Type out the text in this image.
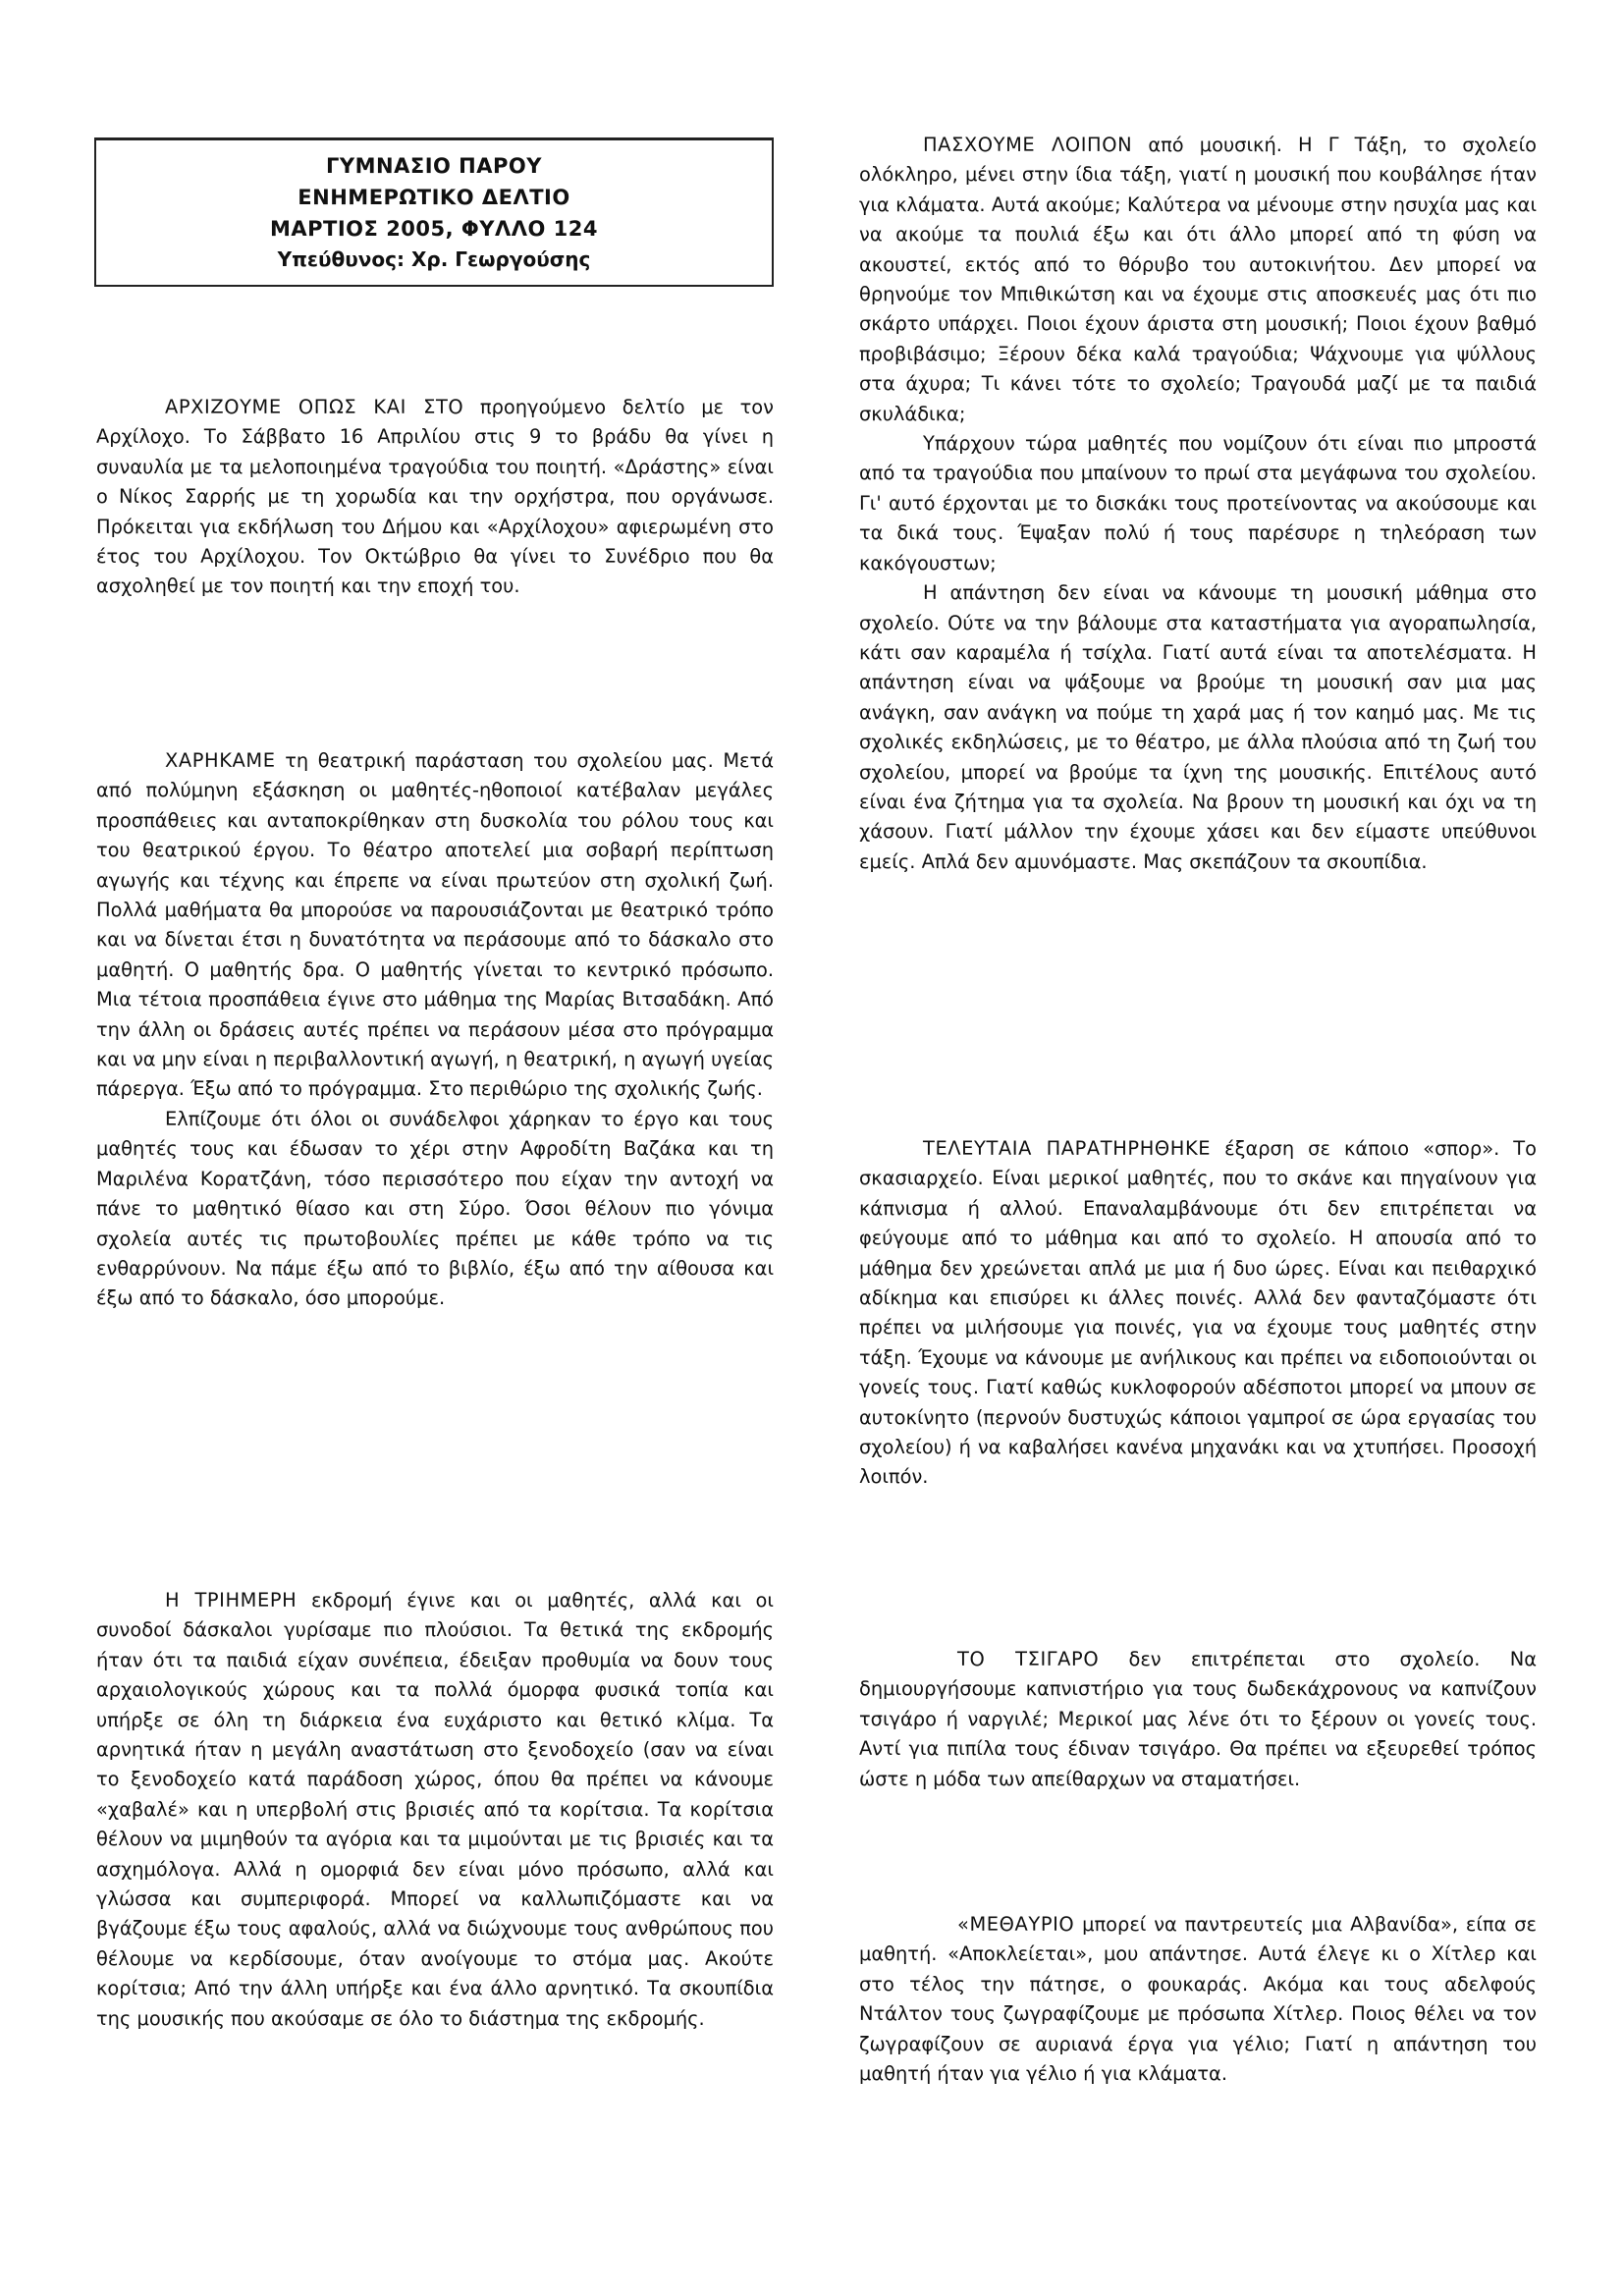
ΓΥΜΝΑΣΙΟ ΠΑΡΟΥ
ΕΝΗΜΕΡΩΤΙΚΟ ΔΕΛΤΙΟ
ΜΑΡΤΙΟΣ 2005, ΦΥΛΛΟ 124
Υπεύθυνος: Χρ. Γεωργούσης

ΑΡΧΙΖΟΥΜΕ ΟΠΩΣ ΚΑΙ ΣΤΟ προηγούμενο δελτίο με τον Αρχίλοχο. Το Σάββατο 16 Απριλίου στις 9 το βράδυ θα γίνει η συναυλία με τα μελοποιημένα τραγούδια του ποιητή. «Δράστης» είναι ο Νίκος Σαρρής με τη χορωδία και την ορχήστρα, που οργάνωσε. Πρόκειται για εκδήλωση του Δήμου και «Αρχίλοχου» αφιερωμένη στο έτος του Αρχίλοχου. Τον Οκτώβριο θα γίνει το Συνέδριο που θα ασχοληθεί με τον ποιητή και την εποχή του.

ΧΑΡΗΚΑΜΕ τη θεατρική παράσταση του σχολείου μας. Μετά από πολύμηνη εξάσκηση οι μαθητές-ηθοποιοί κατέβαλαν μεγάλες προσπάθειες και ανταποκρίθηκαν στη δυσκολία του ρόλου τους και του θεατρικού έργου. Το θέατρο αποτελεί μια σοβαρή περίπτωση αγωγής και τέχνης και έπρεπε να είναι πρωτεύον στη σχολική ζωή. Πολλά μαθήματα θα μπορούσε να παρουσιάζονται με θεατρικό τρόπο και να δίνεται έτσι η δυνατότητα να περάσουμε από το δάσκαλο στο μαθητή. Ο μαθητής δρα. Ο μαθητής γίνεται το κεντρικό πρόσωπο. Μια τέτοια προσπάθεια έγινε στο μάθημα της Μαρίας Βιτσαδάκη. Από την άλλη οι δράσεις αυτές πρέπει να περάσουν μέσα στο πρόγραμμα και να μην είναι η περιβαλλοντική αγωγή, η θεατρική, η αγωγή υγείας πάρεργα. Έξω από το πρόγραμμα. Στο περιθώριο της σχολικής ζωής.

Ελπίζουμε ότι όλοι οι συνάδελφοι χάρηκαν το έργο και τους μαθητές τους και έδωσαν το χέρι στην Αφροδίτη Βαζάκα και τη Μαριλένα Κορατζάνη, τόσο περισσότερο που είχαν την αντοχή να πάνε το μαθητικό θίασο και στη Σύρο. Όσοι θέλουν πιο γόνιμα σχολεία αυτές τις πρωτοβουλίες πρέπει με κάθε τρόπο να τις ενθαρρύνουν. Να πάμε έξω από το βιβλίο, έξω από την αίθουσα και έξω από το δάσκαλο, όσο μπορούμε.

Η ΤΡΙΗΜΕΡΗ εκδρομή έγινε και οι μαθητές, αλλά και οι συνοδοί δάσκαλοι γυρίσαμε πιο πλούσιοι. Τα θετικά της εκδρομής ήταν ότι τα παιδιά είχαν συνέπεια, έδειξαν προθυμία να δουν τους αρχαιολογικούς χώρους και τα πολλά όμορφα φυσικά τοπία και υπήρξε σε όλη τη διάρκεια ένα ευχάριστο και θετικό κλίμα. Τα αρνητικά ήταν η μεγάλη αναστάτωση στο ξενοδοχείο (σαν να είναι το ξενοδοχείο κατά παράδοση χώρος, όπου θα πρέπει να κάνουμε «χαβαλέ» και η υπερβολή στις βρισιές από τα κορίτσια. Τα κορίτσια θέλουν να μιμηθούν τα αγόρια και τα μιμούνται με τις βρισιές και τα ασχημόλογα. Αλλά η ομορφιά δεν είναι μόνο πρόσωπο, αλλά και γλώσσα και συμπεριφορά. Μπορεί να καλλωπιζόμαστε και να βγάζουμε έξω τους αφαλούς, αλλά να διώχνουμε τους ανθρώπους που θέλουμε να κερδίσουμε, όταν ανοίγουμε το στόμα μας. Ακούτε κορίτσια; Από την άλλη υπήρξε και ένα άλλο αρνητικό. Τα σκουπίδια της μουσικής που ακούσαμε σε όλο το διάστημα της εκδρομής.

ΠΑΣΧΟΥΜΕ ΛΟΙΠΟΝ από μουσική. Η Γ Τάξη, το σχολείο ολόκληρο, μένει στην ίδια τάξη, γιατί η μουσική που κουβάλησε ήταν για κλάματα. Αυτά ακούμε; Καλύτερα να μένουμε στην ησυχία μας και να ακούμε τα πουλιά έξω και ότι άλλο μπορεί από τη φύση να ακουστεί, εκτός από το θόρυβο του αυτοκινήτου. Δεν μπορεί να θρηνούμε τον Μπιθικώτση και να έχουμε στις αποσκευές μας ότι πιο σκάρτο υπάρχει. Ποιοι έχουν άριστα στη μουσική; Ποιοι έχουν βαθμό προβιβάσιμο; Ξέρουν δέκα καλά τραγούδια; Ψάχνουμε για ψύλλους στα άχυρα; Τι κάνει τότε το σχολείο; Τραγουδά μαζί με τα παιδιά σκυλάδικα;

Υπάρχουν τώρα μαθητές που νομίζουν ότι είναι πιο μπροστά από τα τραγούδια που μπαίνουν το πρωί στα μεγάφωνα του σχολείου. Γι' αυτό έρχονται με το δισκάκι τους προτείνοντας να ακούσουμε και τα δικά τους. Έψαξαν πολύ ή τους παρέσυρε η τηλεόραση των κακόγουστων;

Η απάντηση δεν είναι να κάνουμε τη μουσική μάθημα στο σχολείο. Ούτε να την βάλουμε στα καταστήματα για αγοραπωλησία, κάτι σαν καραμέλα ή τσίχλα. Γιατί αυτά είναι τα αποτελέσματα. Η απάντηση είναι να ψάξουμε να βρούμε τη μουσική σαν μια μας ανάγκη, σαν ανάγκη να πούμε τη χαρά μας ή τον καημό μας. Με τις σχολικές εκδηλώσεις, με το θέατρο, με άλλα πλούσια από τη ζωή του σχολείου, μπορεί να βρούμε τα ίχνη της μουσικής. Επιτέλους αυτό είναι ένα ζήτημα για τα σχολεία. Να βρουν τη μουσική και όχι να τη χάσουν. Γιατί μάλλον την έχουμε χάσει και δεν είμαστε υπεύθυνοι εμείς. Απλά δεν αμυνόμαστε. Μας σκεπάζουν τα σκουπίδια.

ΤΕΛΕΥΤΑΙΑ ΠΑΡΑΤΗΡΗΘΗΚΕ έξαρση σε κάποιο «σπορ». Το σκασιαρχείο. Είναι μερικοί μαθητές, που το σκάνε και πηγαίνουν για κάπνισμα ή αλλού. Επαναλαμβάνουμε ότι δεν επιτρέπεται να φεύγουμε από το μάθημα και από το σχολείο. Η απουσία από το μάθημα δεν χρεώνεται απλά με μια ή δυο ώρες. Είναι και πειθαρχικό αδίκημα και επισύρει κι άλλες ποινές. Αλλά δεν φανταζόμαστε ότι πρέπει να μιλήσουμε για ποινές, για να έχουμε τους μαθητές στην τάξη. Έχουμε να κάνουμε με ανήλικους και πρέπει να ειδοποιούνται οι γονείς τους. Γιατί καθώς κυκλοφορούν αδέσποτοι μπορεί να μπουν σε αυτοκίνητο (περνούν δυστυχώς κάποιοι γαμπροί σε ώρα εργασίας του σχολείου) ή να καβαλήσει κανένα μηχανάκι και να χτυπήσει. Προσοχή λοιπόν.

ΤΟ ΤΣΙΓΑΡΟ δεν επιτρέπεται στο σχολείο. Να δημιουργήσουμε καπνιστήριο για τους δωδεκάχρονους να καπνίζουν τσιγάρο ή ναργιλέ; Μερικοί μας λένε ότι το ξέρουν οι γονείς τους. Αντί για πιπίλα τους έδιναν τσιγάρο. Θα πρέπει να εξευρεθεί τρόπος ώστε η μόδα των απείθαρχων να σταματήσει.

«ΜΕΘΑΥΡΙΟ μπορεί να παντρευτείς μια Αλβανίδα», είπα σε μαθητή. «Αποκλείεται», μου απάντησε. Αυτά έλεγε κι ο Χίτλερ και στο τέλος την πάτησε, ο φουκαράς. Ακόμα και τους αδελφούς Ντάλτον τους ζωγραφίζουμε με πρόσωπα Χίτλερ. Ποιος θέλει να τον ζωγραφίζουν σε αυριανά έργα για γέλιο; Γιατί η απάντηση του μαθητή ήταν για γέλιο ή για κλάματα.
